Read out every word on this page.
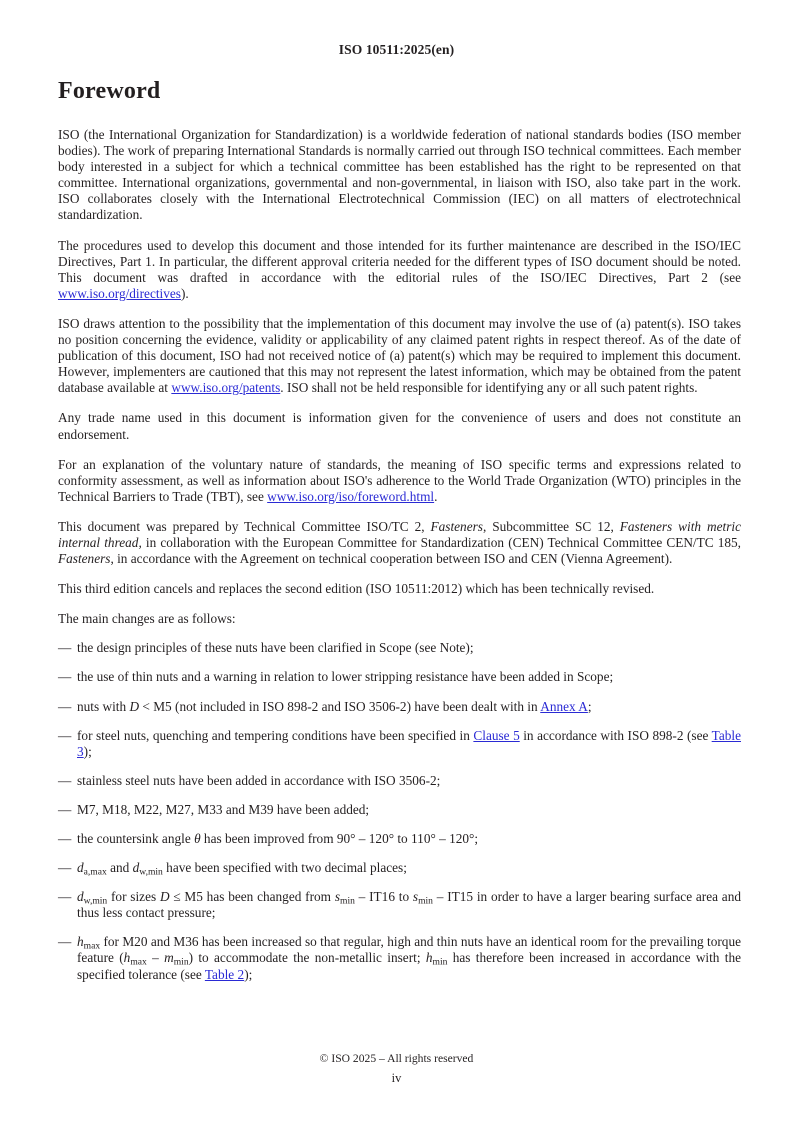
ISO 10511:2025(en)
Foreword

ISO (the International Organization for Standardization) is a worldwide federation of national standards bodies (ISO member bodies). The work of preparing International Standards is normally carried out through ISO technical committees. Each member body interested in a subject for which a technical committee has been established has the right to be represented on that committee. International organizations, governmental and non-governmental, in liaison with ISO, also take part in the work. ISO collaborates closely with the International Electrotechnical Commission (IEC) on all matters of electrotechnical standardization.

The procedures used to develop this document and those intended for its further maintenance are described in the ISO/IEC Directives, Part 1. In particular, the different approval criteria needed for the different types of ISO document should be noted. This document was drafted in accordance with the editorial rules of the ISO/IEC Directives, Part 2 (see www.iso.org/directives).

ISO draws attention to the possibility that the implementation of this document may involve the use of (a) patent(s). ISO takes no position concerning the evidence, validity or applicability of any claimed patent rights in respect thereof. As of the date of publication of this document, ISO had not received notice of (a) patent(s) which may be required to implement this document. However, implementers are cautioned that this may not represent the latest information, which may be obtained from the patent database available at www.iso.org/patents. ISO shall not be held responsible for identifying any or all such patent rights.

Any trade name used in this document is information given for the convenience of users and does not constitute an endorsement.

For an explanation of the voluntary nature of standards, the meaning of ISO specific terms and expressions related to conformity assessment, as well as information about ISO's adherence to the World Trade Organization (WTO) principles in the Technical Barriers to Trade (TBT), see www.iso.org/iso/foreword.html.

This document was prepared by Technical Committee ISO/TC 2, Fasteners, Subcommittee SC 12, Fasteners with metric internal thread, in collaboration with the European Committee for Standardization (CEN) Technical Committee CEN/TC 185, Fasteners, in accordance with the Agreement on technical cooperation between ISO and CEN (Vienna Agreement).

This third edition cancels and replaces the second edition (ISO 10511:2012) which has been technically revised.

The main changes are as follows:

— the design principles of these nuts have been clarified in Scope (see Note);
— the use of thin nuts and a warning in relation to lower stripping resistance have been added in Scope;
— nuts with D < M5 (not included in ISO 898-2 and ISO 3506-2) have been dealt with in Annex A;
— for steel nuts, quenching and tempering conditions have been specified in Clause 5 in accordance with ISO 898-2 (see Table 3);
— stainless steel nuts have been added in accordance with ISO 3506-2;
— M7, M18, M22, M27, M33 and M39 have been added;
— the countersink angle θ has been improved from 90° – 120° to 110° – 120°;
— $d_{a,max}$ and $d_{w,min}$ have been specified with two decimal places;
— $d_{w,min}$ for sizes D ≤ M5 has been changed from $s_{min} - IT16$ to $s_{min} - IT15$ in order to have a larger bearing surface area and thus less contact pressure;
— $h_{max}$ for M20 and M36 has been increased so that regular, high and thin nuts have an identical room for the prevailing torque feature $(h_{max} - m_{min})$ to accommodate the non-metallic insert; $h_{min}$ has therefore been increased in accordance with the specified tolerance (see Table 2);

© ISO 2025 – All rights reserved

iv
